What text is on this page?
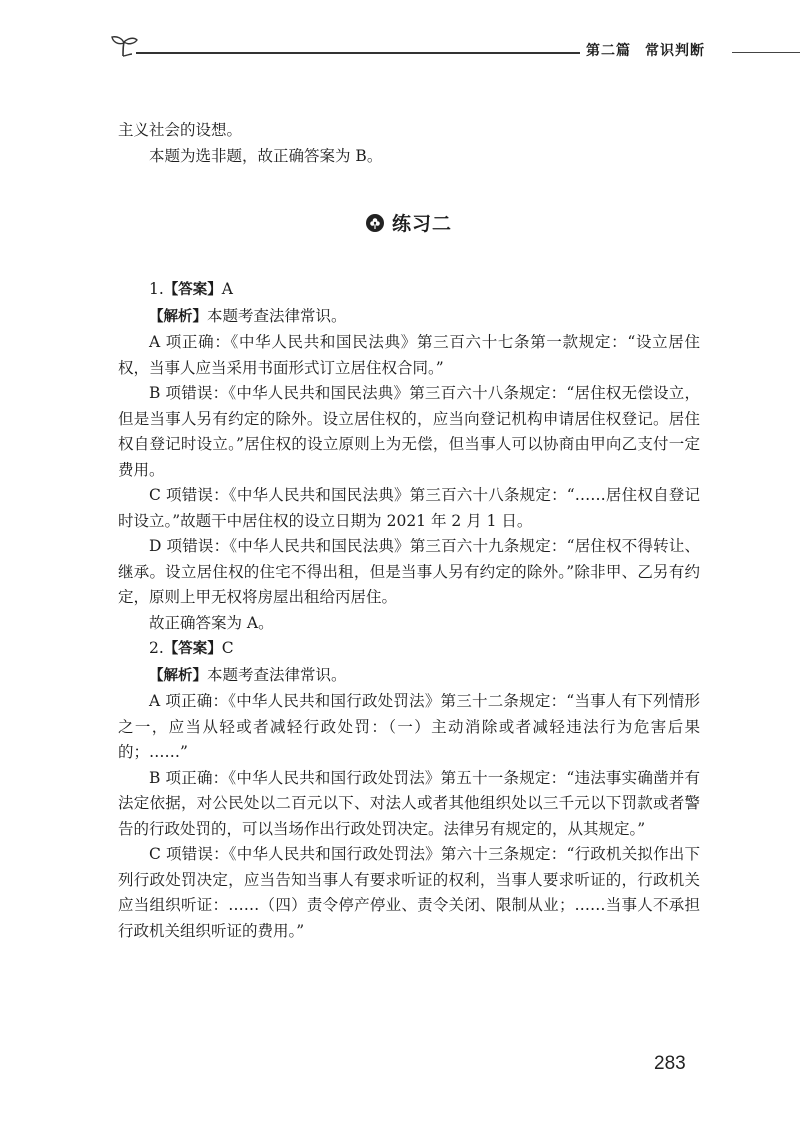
第二篇 常识判断

主义社会的设想。

本题为选非题，故正确答案为 B。

练习二

1.【答案】A

【解析】本题考查法律常识。

A 项正确：《中华人民共和国民法典》第三百六十七条第一款规定：“设立居住权，当事人应当采用书面形式订立居住权合同。”

B 项错误：《中华人民共和国民法典》第三百六十八条规定：“居住权无偿设立，但是当事人另有约定的除外。设立居住权的，应当向登记机构申请居住权登记。居住权自登记时设立。”居住权的设立原则上为无偿，但当事人可以协商由甲向乙支付一定费用。

C 项错误：《中华人民共和国民法典》第三百六十八条规定：“……居住权自登记时设立。”故题干中居住权的设立日期为 2021 年 2 月 1 日。

D 项错误：《中华人民共和国民法典》第三百六十九条规定：“居住权不得转让、继承。设立居住权的住宅不得出租，但是当事人另有约定的除外。”除非甲、乙另有约定，原则上甲无权将房屋出租给丙居住。

故正确答案为 A。

2.【答案】C

【解析】本题考查法律常识。

A 项正确：《中华人民共和国行政处罚法》第三十二条规定：“当事人有下列情形之一，应当从轻或者减轻行政处罚：（一）主动消除或者减轻违法行为危害后果的；……”

B 项正确：《中华人民共和国行政处罚法》第五十一条规定：“违法事实确凿并有法定依据，对公民处以二百元以下、对法人或者其他组织处以三千元以下罚款或者警告的行政处罚的，可以当场作出行政处罚决定。法律另有规定的，从其规定。”

C 项错误：《中华人民共和国行政处罚法》第六十三条规定：“行政机关拟作出下列行政处罚决定，应当告知当事人有要求听证的权利，当事人要求听证的，行政机关应当组织听证：……（四）责令停产停业、责令关闭、限制从业；……当事人不承担行政机关组织听证的费用。”

283
